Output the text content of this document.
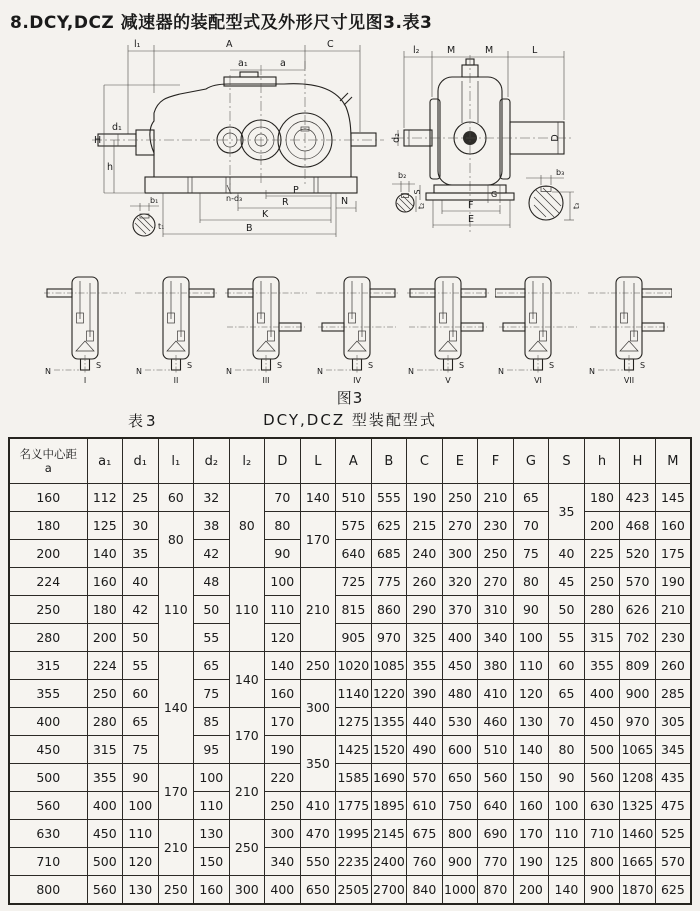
8.DCY,DCZ 减速器的装配型式及外形尺寸见图3.表3
l₁	A	C
a₁	a
H
d₁
h
b₁
t₁
P
R	N
K
B
n-d₃
l₂	M	M	L
D
d₂
S
b₂
t₂
G
F
E
b₃
t₃
N
S
I
N
S
II
N
S
III
N
S
IV
N
S
V
N
S
VI
N
S
VII
图3
DCY,DCZ 型装配型式
表3
名义中心距
a	a₁	d₁	l₁	d₂	l₂	D	L	A	B	C	E	F	G	S	h	H	M
160	112	25	60	32	80	70	140	510	555	190	250	210	65	35	180	423	145
180	125	30	80	38		80	170	575	625	215	270	230	70		200	468	160
200	140	35		42		90		640	685	240	300	250	75	40	225	520	175
224	160	40	110	48	110	100	210	725	775	260	320	270	80	45	250	570	190
250	180	42		50		110		815	860	290	370	310	90	50	280	626	210
280	200	50		55		120		905	970	325	400	340	100	55	315	702	230
315	224	55	140	65	140	140	250	1020	1085	355	450	380	110	60	355	809	260
355	250	60		75		160	300	1140	1220	390	480	410	120	65	400	900	285
400	280	65		85	170	170		1275	1355	440	530	460	130	70	450	970	305
450	315	75		95		190	350	1425	1520	490	600	510	140	80	500	1065	345
500	355	90	170	100	210	220		1585	1690	570	650	560	150	90	560	1208	435
560	400	100		110		250	410	1775	1895	610	750	640	160	100	630	1325	475
630	450	110	210	130	250	300	470	1995	2145	675	800	690	170	110	710	1460	525
710	500	120		150		340	550	2235	2400	760	900	770	190	125	800	1665	570
800	560	130	250	160	300	400	650	2505	2700	840	1000	870	200	140	900	1870	625
